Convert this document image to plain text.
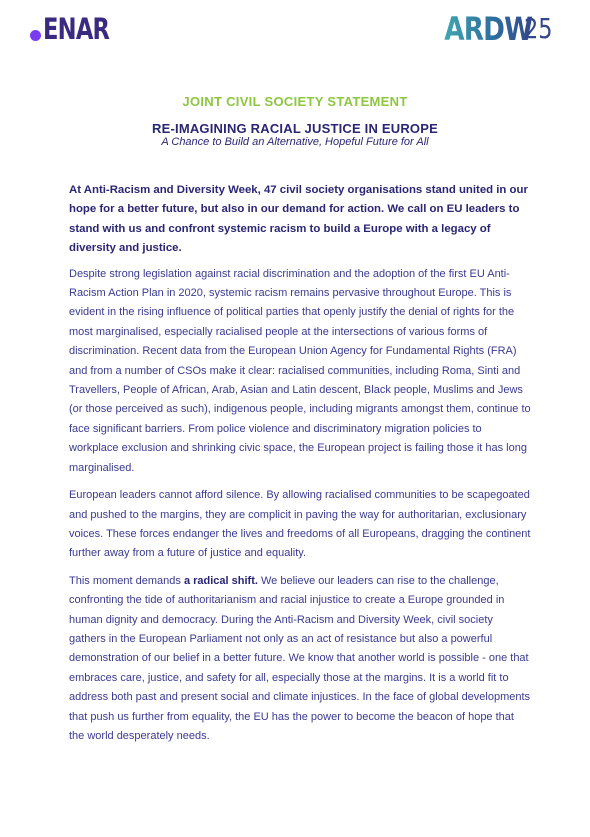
ENAR	ARDW
25
JOINT CIVIL SOCIETY STATEMENT
RE-IMAGINING RACIAL JUSTICE IN EUROPE
A Chance to Build an Alternative, Hopeful Future for All

At Anti-Racism and Diversity Week, 47 civil society organisations stand united in our hope for a better future, but also in our demand for action. We call on EU leaders to stand with us and confront systemic racism to build a Europe with a legacy of diversity and justice.

Despite strong legislation against racial discrimination and the adoption of the first EU Anti-Racism Action Plan in 2020, systemic racism remains pervasive throughout Europe. This is evident in the rising influence of political parties that openly justify the denial of rights for the most marginalised, especially racialised people at the intersections of various forms of discrimination. Recent data from the European Union Agency for Fundamental Rights (FRA) and from a number of CSOs make it clear: racialised communities, including Roma, Sinti and Travellers, People of African, Arab, Asian and Latin descent, Black people, Muslims and Jews (or those perceived as such), indigenous people, including migrants amongst them, continue to face significant barriers. From police violence and discriminatory migration policies to workplace exclusion and shrinking civic space, the European project is failing those it has long marginalised.

European leaders cannot afford silence. By allowing racialised communities to be scapegoated and pushed to the margins, they are complicit in paving the way for authoritarian, exclusionary voices. These forces endanger the lives and freedoms of all Europeans, dragging the continent further away from a future of justice and equality.

This moment demands a radical shift. We believe our leaders can rise to the challenge, confronting the tide of authoritarianism and racial injustice to create a Europe grounded in human dignity and democracy. During the Anti-Racism and Diversity Week, civil society gathers in the European Parliament not only as an act of resistance but also a powerful demonstration of our belief in a better future. We know that another world is possible - one that embraces care, justice, and safety for all, especially those at the margins. It is a world fit to address both past and present social and climate injustices. In the face of global developments that push us further from equality, the EU has the power to become the beacon of hope that the world desperately needs.
